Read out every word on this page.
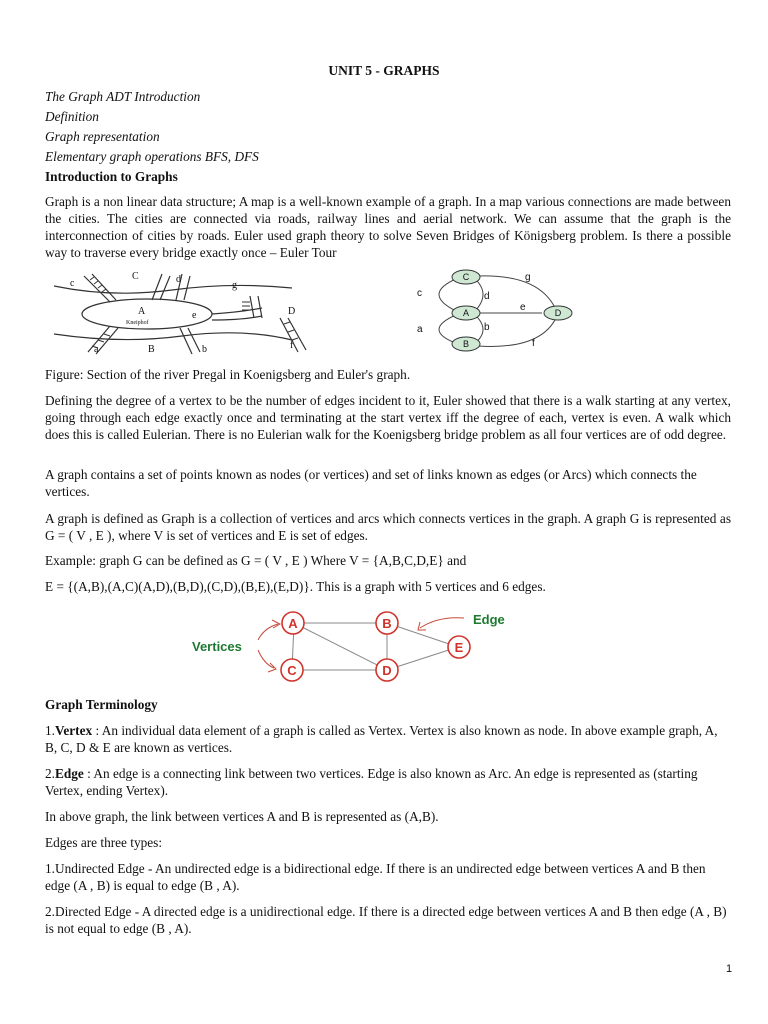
UNIT 5 - GRAPHS

The Graph ADT Introduction

Definition

Graph representation

Elementary graph operations BFS, DFS

Introduction to Graphs

Graph is a non linear data structure; A map is a well-known example of a graph. In a map various connections are made between the cities. The cities are connected via roads, railway lines and aerial network. We can assume that the graph is the interconnection of cities by roads. Euler used graph theory to solve Seven Bridges of Königsberg problem. Is there a possible way to traverse every bridge exactly once – Euler Tour

c	d
g
e	D
a	B	b	f
C
A
Kneiphof
C
A	D
B
c
g
d
e
a	b
f

Figure: Section of the river Pregal in Koenigsberg and Euler's graph.

Defining the degree of a vertex to be the number of edges incident to it, Euler showed that there is a walk starting at any vertex, going through each edge exactly once and terminating at the start vertex iff the degree of each, vertex is even. A walk which does this is called Eulerian. There is no Eulerian walk for the Koenigsberg bridge problem as all four vertices are of odd degree.

A graph contains a set of points known as nodes (or vertices) and set of links known as edges (or Arcs) which connects the vertices.

A graph is defined as Graph is a collection of vertices and arcs which connects vertices in the graph. A graph G is represented as G = ( V , E ), where V is set of vertices and E is set of edges.

Example: graph G can be defined as G = ( V , E ) Where V = {A,B,C,D,E} and

E = {(A,B),(A,C)(A,D),(B,D),(C,D),(B,E),(E,D)}. This is a graph with 5 vertices and 6 edges.

A	B
C	D
E
Vertices
Edge

Graph Terminology

1.Vertex : An individual data element of a graph is called as Vertex. Vertex is also known as node. In above example graph, A, B, C, D & E are known as vertices.

2.Edge : An edge is a connecting link between two vertices. Edge is also known as Arc. An edge is represented as (starting Vertex, ending Vertex).

In above graph, the link between vertices A and B is represented as (A,B).

Edges are three types:

1.Undirected Edge - An undirected edge is a bidirectional edge. If there is an undirected edge between vertices A and B then edge (A , B) is equal to edge (B , A).

2.Directed Edge - A directed edge is a unidirectional edge. If there is a directed edge between vertices A and B then edge (A , B) is not equal to edge (B , A).

1
